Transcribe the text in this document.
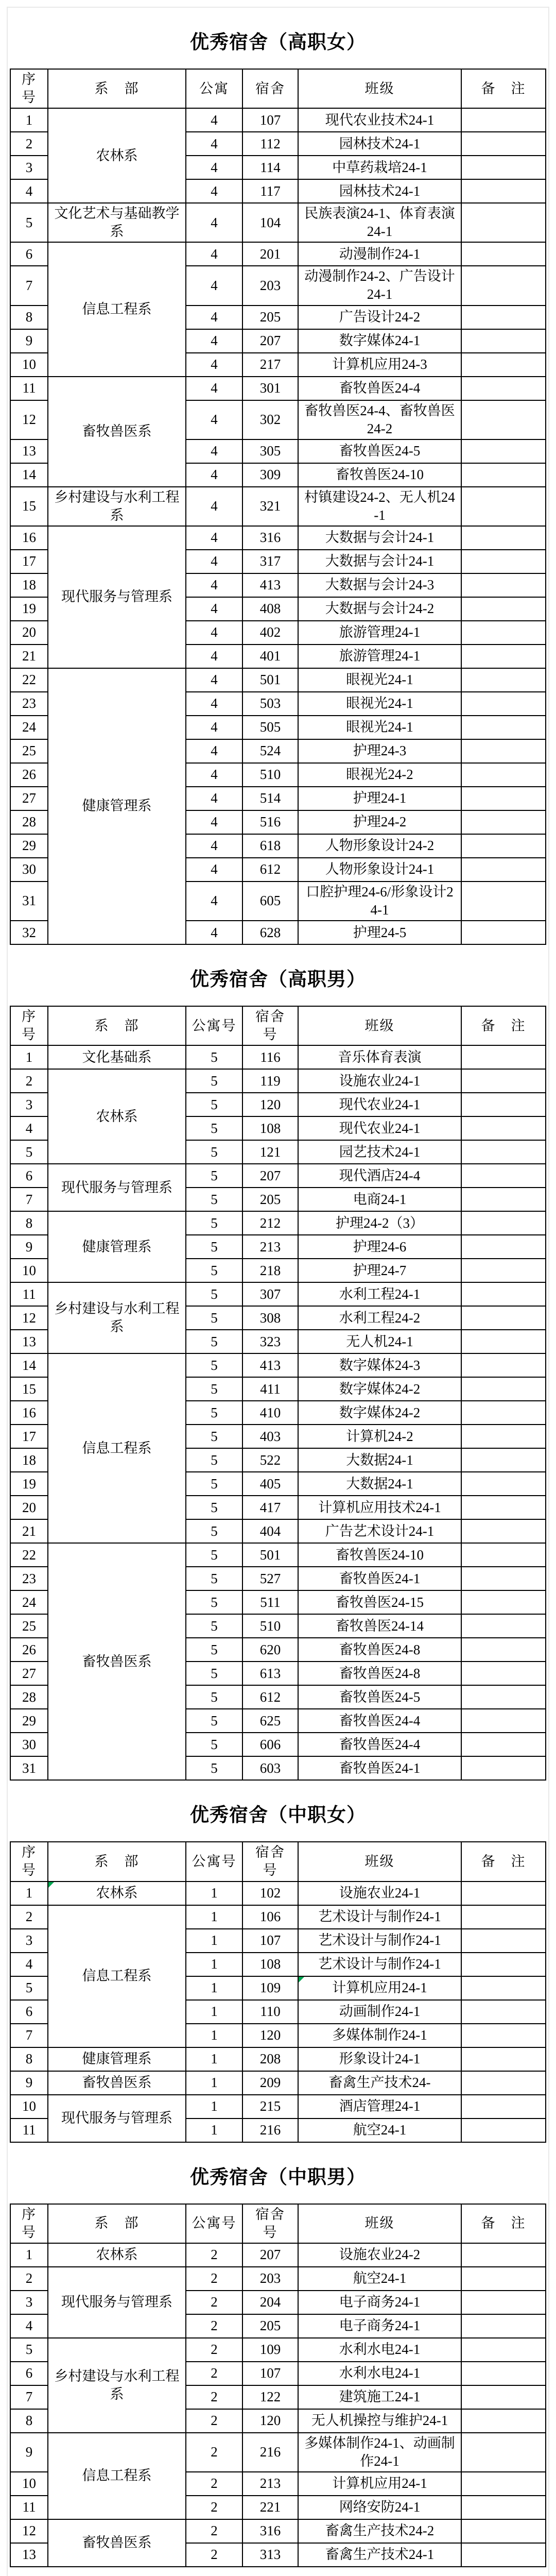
优秀宿舍（高职女）
序号	系　部	公寓	宿舍	班级	备　注
1	农林系	4	107	现代农业技术24-1	
2		4	112	园林技术24-1	
3		4	114	中草药栽培24-1	
4		4	117	园林技术24-1	
5	文化艺术与基础教学系	4	104	民族表演24-1、体育表演24-1	
6	信息工程系	4	201	动漫制作24-1	
7		4	203	动漫制作24-2、广告设计24-1	
8		4	205	广告设计24-2	
9		4	207	数字媒体24-1	
10		4	217	计算机应用24-3	
11	畜牧兽医系	4	301	畜牧兽医24-4	
12		4	302	畜牧兽医24-4、畜牧兽医24-2	
13		4	305	畜牧兽医24-5	
14		4	309	畜牧兽医24-10	
15	乡村建设与水利工程系	4	321	村镇建设24-2、无人机24-1	
16	现代服务与管理系	4	316	大数据与会计24-1	
17		4	317	大数据与会计24-1	
18		4	413	大数据与会计24-3	
19		4	408	大数据与会计24-2	
20		4	402	旅游管理24-1	
21		4	401	旅游管理24-1	
22	健康管理系	4	501	眼视光24-1	
23		4	503	眼视光24-1	
24		4	505	眼视光24-1	
25		4	524	护理24-3	
26		4	510	眼视光24-2	
27		4	514	护理24-1	
28		4	516	护理24-2	
29		4	618	人物形象设计24-2	
30		4	612	人物形象设计24-1	
31		4	605	口腔护理24-6/形象设计24-1	
32		4	628	护理24-5	
优秀宿舍（高职男）
序号	系　部	公寓号	宿舍号	班级	备　注
1	文化基础系	5	116	音乐体育表演	
2	农林系	5	119	设施农业24-1	
3		5	120	现代农业24-1	
4		5	108	现代农业24-1	
5		5	121	园艺技术24-1	
6	现代服务与管理系	5	207	现代酒店24-4	
7		5	205	电商24-1	
8	健康管理系	5	212	护理24-2（3）	
9		5	213	护理24-6	
10		5	218	护理24-7	
11	乡村建设与水利工程系	5	307	水利工程24-1	
12		5	308	水利工程24-2	
13		5	323	无人机24-1	
14	信息工程系	5	413	数字媒体24-3	
15		5	411	数字媒体24-2	
16		5	410	数字媒体24-2	
17		5	403	计算机24-2	
18		5	522	大数据24-1	
19		5	405	大数据24-1	
20		5	417	计算机应用技术24-1	
21		5	404	广告艺术设计24-1	
22	畜牧兽医系	5	501	畜牧兽医24-10	
23		5	527	畜牧兽医24-1	
24		5	511	畜牧兽医24-15	
25		5	510	畜牧兽医24-14	
26		5	620	畜牧兽医24-8	
27		5	613	畜牧兽医24-8	
28		5	612	畜牧兽医24-5	
29		5	625	畜牧兽医24-4	
30		5	606	畜牧兽医24-4	
31		5	603	畜牧兽医24-1	
优秀宿舍（中职女）
序号	系　部	公寓号	宿舍号	班级	备　注
1	农林系	1	102	设施农业24-1	
2	信息工程系	1	106	艺术设计与制作24-1	
3		1	107	艺术设计与制作24-1	
4		1	108	艺术设计与制作24-1	
5		1	109	计算机应用24-1	
6		1	110	动画制作24-1	
7		1	120	多媒体制作24-1	
8	健康管理系	1	208	形象设计24-1	
9	畜牧兽医系	1	209	畜禽生产技术24-	
10	现代服务与管理系	1	215	酒店管理24-1	
11		1	216	航空24-1	
优秀宿舍（中职男）
序号	系　部	公寓号	宿舍号	班级	备　注
1	农林系	2	207	设施农业24-2	
2	现代服务与管理系	2	203	航空24-1	
3		2	204	电子商务24-1	
4		2	205	电子商务24-1	
5	乡村建设与水利工程系	2	109	水利水电24-1	
6		2	107	水利水电24-1	
7		2	122	建筑施工24-1	
8		2	120	无人机操控与维护24-1	
9	信息工程系	2	216	多媒体制作24-1、动画制作24-1	
10		2	213	计算机应用24-1	
11		2	221	网络安防24-1	
12	畜牧兽医系	2	316	畜禽生产技术24-2	
13		2	313	畜禽生产技术24-1	
